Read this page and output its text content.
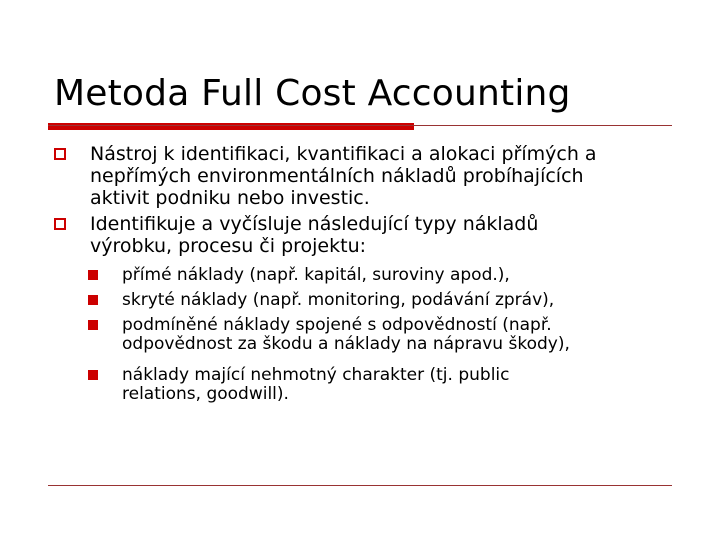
Metoda Full Cost Accounting
Nástroj k identifikaci, kvantifikaci a alokaci přímých a
nepřímých environmentálních nákladů probíhajících
aktivit podniku nebo investic.
Identifikuje a vyčísluje následující typy nákladů
výrobku, procesu či projektu:
přímé náklady (např. kapitál, suroviny apod.),
skryté náklady (např. monitoring, podávání zpráv),
podmíněné náklady spojené s odpovědností (např.
odpovědnost za škodu a náklady na nápravu škody),
náklady mající nehmotný charakter (tj. public
relations, goodwill).
